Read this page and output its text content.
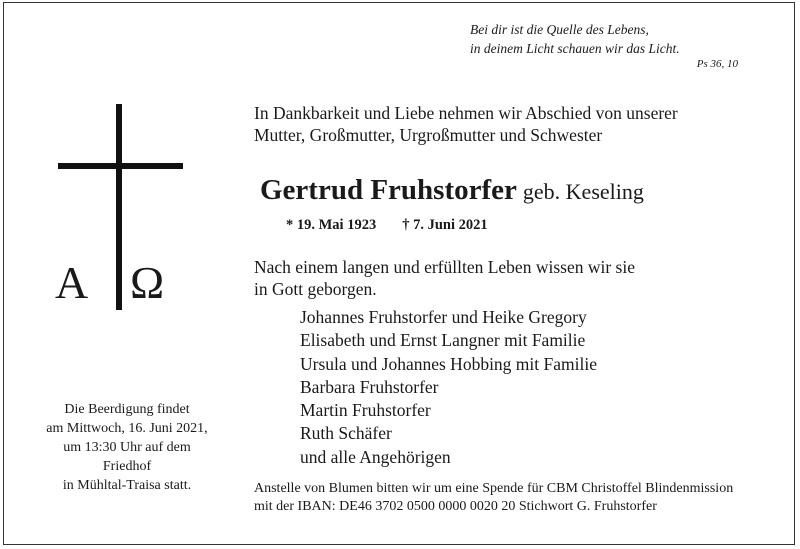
Bei dir ist die Quelle des Lebens,
in deinem Licht schauen wir das Licht.
Ps 36, 10
A Ω
In Dankbarkeit und Liebe nehmen wir Abschied von unserer
Mutter, Großmutter, Urgroßmutter und Schwester
Gertrud Fruhstorfer geb. Keseling
* 19. Mai 1923 † 7. Juni 2021
Nach einem langen und erfüllten Leben wissen wir sie
in Gott geborgen.
Johannes Fruhstorfer und Heike Gregory
Elisabeth und Ernst Langner mit Familie
Ursula und Johannes Hobbing mit Familie
Barbara Fruhstorfer
Martin Fruhstorfer
Ruth Schäfer
und alle Angehörigen
Die Beerdigung findet
am Mittwoch, 16. Juni 2021,
um 13:30 Uhr auf dem
Friedhof
in Mühltal-Traisa statt.	Anstelle von Blumen bitten wir um eine Spende für CBM Christoffel Blindenmission
mit der IBAN: DE46 3702 0500 0000 0020 20 Stichwort G. Fruhstorfer
